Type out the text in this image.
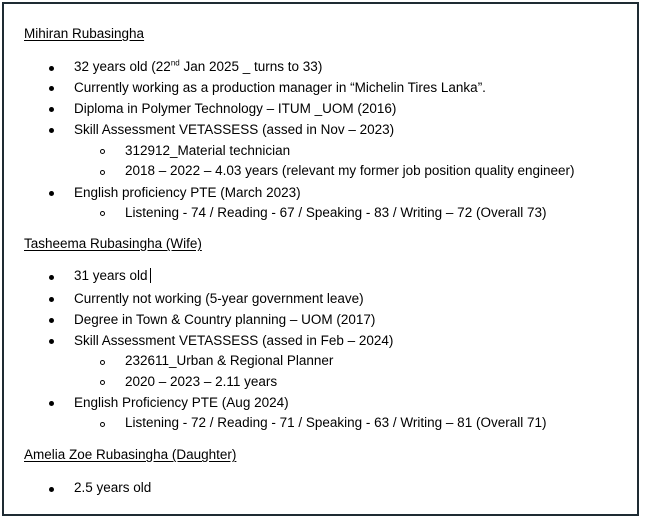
Mihiran Rubasingha
32 years old (22nd Jan 2025 _ turns to 33)
Currently working as a production manager in “Michelin Tires Lanka”.
Diploma in Polymer Technology – ITUM _UOM (2016)
Skill Assessment VETASSESS (assed in Nov – 2023)
312912_Material technician
2018 – 2022 – 4.03 years (relevant my former job position quality engineer)
English proficiency PTE (March 2023)
Listening - 74 / Reading - 67 / Speaking - 83 / Writing – 72 (Overall 73)
Tasheema Rubasingha (Wife)
31 years old
Currently not working (5-year government leave)
Degree in Town & Country planning – UOM (2017)
Skill Assessment VETASSESS (assed in Feb – 2024)
232611_Urban & Regional Planner
2020 – 2023 – 2.11 years
English Proficiency PTE (Aug 2024)
Listening - 72 / Reading - 71 / Speaking - 63 / Writing – 81 (Overall 71)
Amelia Zoe Rubasingha (Daughter)
2.5 years old
